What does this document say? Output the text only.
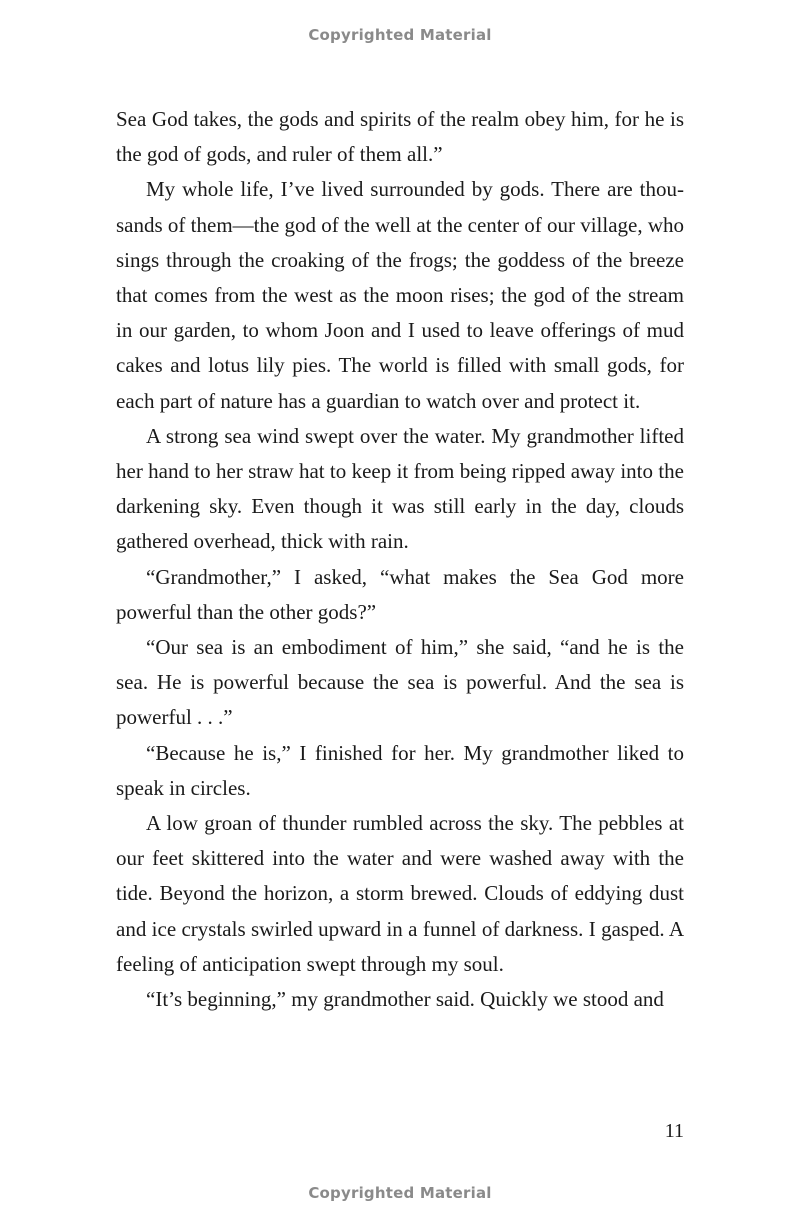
Copyrighted Material

Sea God takes, the gods and spirits of the realm obey him, for he is the god of gods, and ruler of them all.”

My whole life, I’ve lived surrounded by gods. There are thousands of them—the god of the well at the center of our village, who sings through the croaking of the frogs; the goddess of the breeze that comes from the west as the moon rises; the god of the stream in our garden, to whom Joon and I used to leave offerings of mud cakes and lotus lily pies. The world is filled with small gods, for each part of nature has a guardian to watch over and protect it.

A strong sea wind swept over the water. My grandmother lifted her hand to her straw hat to keep it from being ripped away into the darkening sky. Even though it was still early in the day, clouds gathered overhead, thick with rain.

“Grandmother,” I asked, “what makes the Sea God more powerful than the other gods?”

“Our sea is an embodiment of him,” she said, “and he is the sea. He is powerful because the sea is powerful. And the sea is powerful . . .”

“Because he is,” I finished for her. My grandmother liked to speak in circles.

A low groan of thunder rumbled across the sky. The pebbles at our feet skittered into the water and were washed away with the tide. Beyond the horizon, a storm brewed. Clouds of eddying dust and ice crystals swirled upward in a funnel of darkness. I gasped. A feeling of anticipation swept through my soul.

“It’s beginning,” my grandmother said. Quickly we stood and

11
Copyrighted Material
